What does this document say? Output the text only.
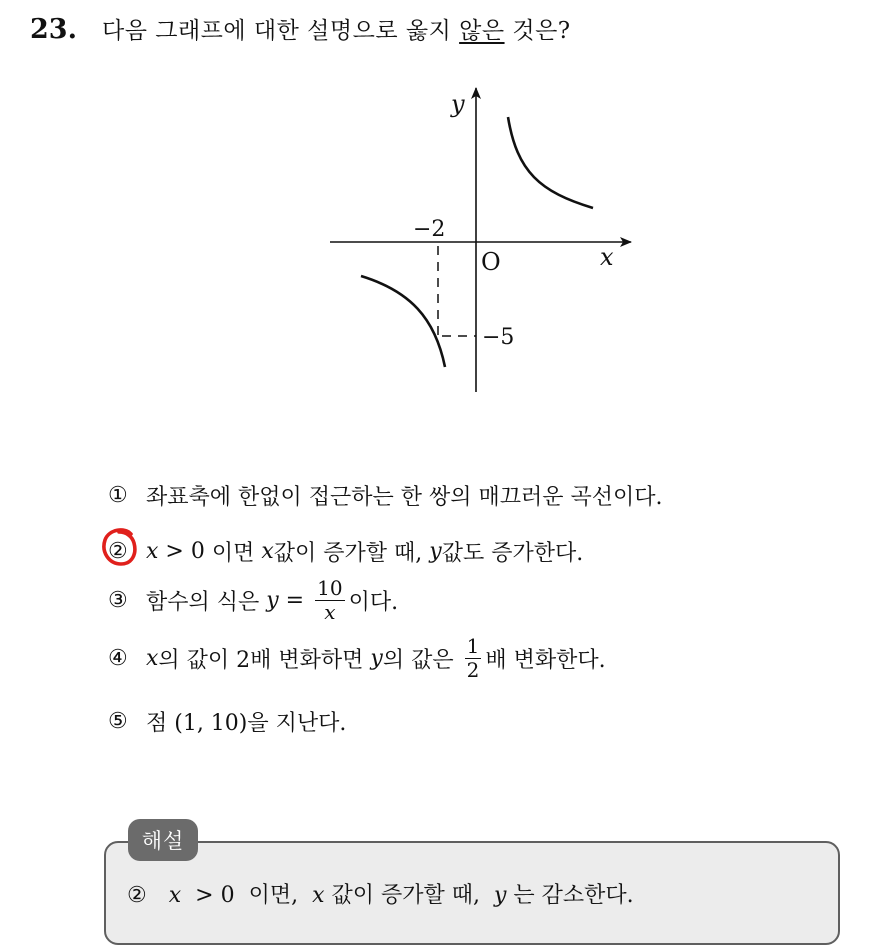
23.	다음 그래프에 대한 설명으로 옳지 않은 것은?
y
x
O
−2
−5
① 좌표축에 한없이 접근하는 한 쌍의 매끄러운 곡선이다.
② x > 0 이면 x 값이 증가할 때, y 값도 증가한다.
③ 함수의 식은 $y = \frac{10}{x}$ 이다.
④ x 의 값이 2배 변화하면 y 의 값은 $\frac{1}{2}$ 배 변화한다.
⑤ 점 (1, 10)을 지난다.
해설
② x  > 0  이면,  x 값이 증가할 때,  y 는 감소한다.
